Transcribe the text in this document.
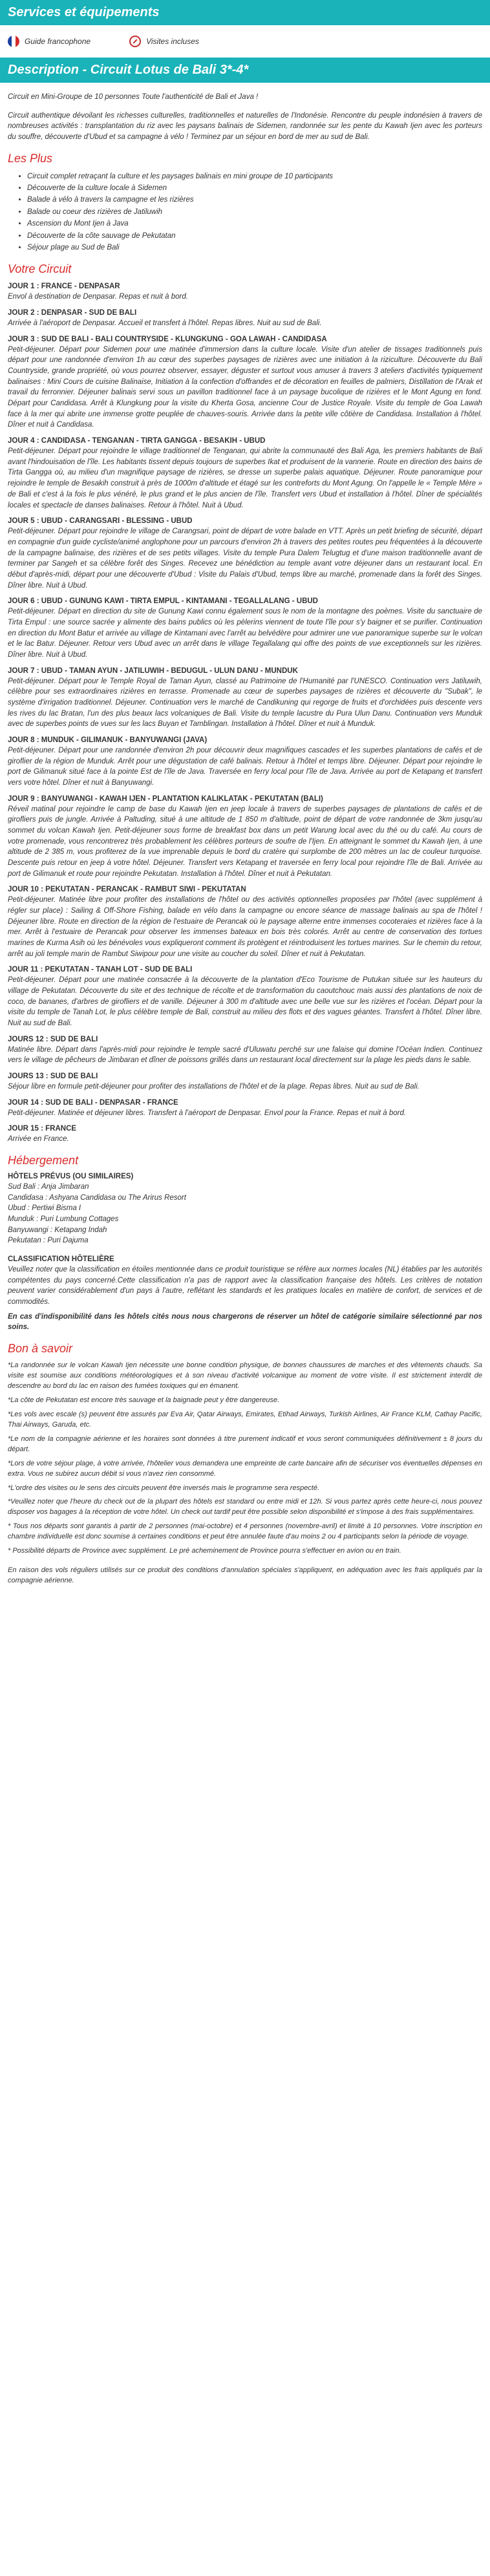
Services et équipements
Guide francophone	Visites incluses
Description - Circuit Lotus de Bali 3*-4*

Circuit en Mini-Groupe de 10 personnes Toute l'authenticité de Bali et Java !

Circuit authentique dévoilant les richesses culturelles, traditionnelles et naturelles de l'Indonésie. Rencontre du peuple indonésien à travers de nombreuses activités : transplantation du riz avec les paysans balinais de Sidemen, randonnée sur les pente du Kawah Ijen avec les porteurs du souffre, découverte d'Ubud et sa campagne à vélo ! Terminez par un séjour en bord de mer au sud de Bali.

Les Plus
• Circuit complet retraçant la culture et les paysages balinais en mini groupe de 10 participants
• Découverte de la culture locale à Sidemen
• Balade à vélo à travers la campagne et les rizières
• Balade ou coeur des rizières de Jatiluwih
• Ascension du Mont Ijen à Java
• Découverte de la côte sauvage de Pekutatan
• Séjour plage au Sud de Bali
Votre Circuit
JOUR 1 : FRANCE - DENPASAR

Envol à destination de Denpasar. Repas et nuit à bord.

JOUR 2 : DENPASAR - SUD DE BALI

Arrivée à l'aéroport de Denpasar. Accueil et transfert à l'hôtel. Repas libres. Nuit au sud de Bali.

JOUR 3 : SUD DE BALI - BALI COUNTRYSIDE - KLUNGKUNG - GOA LAWAH - CANDIDASA

Petit-déjeuner. Départ pour Sidemen pour une matinée d'immersion dans la culture locale. Visite d'un atelier de tissages traditionnels puis départ pour une randonnée d'environ 1h au cœur des superbes paysages de rizières avec une initiation à la riziculture. Découverte du Bali Countryside, grande propriété, où vous pourrez observer, essayer, déguster et surtout vous amuser à travers 3 ateliers d'activités typiquement balinaises : Mini Cours de cuisine Balinaise, Initiation à la confection d'offrandes et de décoration en feuilles de palmiers, Distillation de l'Arak et travail du ferronnier. Déjeuner balinais servi sous un pavillon traditionnel face à un paysage bucolique de rizières et le Mont Agung en fond. Départ pour Candidasa. Arrêt à Klungkung pour la visite du Kherta Gosa, ancienne Cour de Justice Royale. Visite du temple de Goa Lawah face à la mer qui abrite une immense grotte peuplée de chauves-souris. Arrivée dans la petite ville côtière de Candidasa. Installation à l'hôtel. Dîner et nuit à Candidasa.

JOUR 4 : CANDIDASA - TENGANAN - TIRTA GANGGA - BESAKIH - UBUD

Petit-déjeuner. Départ pour rejoindre le village traditionnel de Tenganan, qui abrite la communauté des Bali Aga, les premiers habitants de Bali avant l'hindouisation de l'île. Les habitants tissent depuis toujours de superbes Ikat et produisent de la vannerie. Route en direction des bains de Tirta Gangga où, au milieu d'un magnifique paysage de rizières, se dresse un superbe palais aquatique. Déjeuner. Route panoramique pour rejoindre le temple de Besakih construit à près de 1000m d'altitude et étagé sur les contreforts du Mont Agung. On l'appelle le « Temple Mère » de Bali et c'est à la fois le plus vénéré, le plus grand et le plus ancien de l'île. Transfert vers Ubud et installation à l'hôtel. Dîner de spécialités locales et spectacle de danses balinaises. Retour à l'hôtel. Nuit à Ubud.

JOUR 5 : UBUD - CARANGSARI - BLESSING - UBUD

Petit-déjeuner. Départ pour rejoindre le village de Carangsari, point de départ de votre balade en VTT. Après un petit briefing de sécurité, départ en compagnie d'un guide cycliste/animé anglophone pour un parcours d'environ 2h à travers des petites routes peu fréquentées à la découverte de la campagne balinaise, des rizières et de ses petits villages. Visite du temple Pura Dalem Telugtug et d'une maison traditionnelle avant de terminer par Sangeh et sa célèbre forêt des Singes. Recevez une bénédiction au temple avant votre déjeuner dans un restaurant local. En début d'après-midi, départ pour une découverte d'Ubud : Visite du Palais d'Ubud, temps libre au marché, promenade dans la forêt des Singes. Dîner libre. Nuit à Ubud.

JOUR 6 : UBUD - GUNUNG KAWI - TIRTA EMPUL - KINTAMANI - TEGALLALANG - UBUD

Petit-déjeuner. Départ en direction du site de Gunung Kawi connu également sous le nom de la montagne des poèmes. Visite du sanctuaire de Tirta Empul : une source sacrée y alimente des bains publics où les pèlerins viennent de toute l'île pour s'y baigner et se purifier. Continuation en direction du Mont Batur et arrivée au village de Kintamani avec l'arrêt au belvédère pour admirer une vue panoramique superbe sur le volcan et le lac Batur. Déjeuner. Retour vers Ubud avec un arrêt dans le village Tegallalang qui offre des points de vue exceptionnels sur les rizières. Dîner libre. Nuit à Ubud.

JOUR 7 : UBUD - TAMAN AYUN - JATILUWIH - BEDUGUL - ULUN DANU - MUNDUK

Petit-déjeuner. Départ pour le Temple Royal de Taman Ayun, classé au Patrimoine de l'Humanité par l'UNESCO. Continuation vers Jatiluwih, célèbre pour ses extraordinaires rizières en terrasse. Promenade au cœur de superbes paysages de rizières et découverte du "Subak", le système d'irrigation traditionnel. Déjeuner. Continuation vers le marché de Candikuning qui regorge de fruits et d'orchidées puis descente vers les rives du lac Bratan, l'un des plus beaux lacs volcaniques de Bali. Visite du temple lacustre du Pura Ulun Danu. Continuation vers Munduk avec de superbes points de vues sur les lacs Buyan et Tamblingan. Installation à l'hôtel. Dîner et nuit à Munduk.

JOUR 8 : MUNDUK - GILIMANUK - BANYUWANGI (JAVA)

Petit-déjeuner. Départ pour une randonnée d'environ 2h pour découvrir deux magnifiques cascades et les superbes plantations de cafés et de giroflier de la région de Munduk. Arrêt pour une dégustation de café balinais. Retour à l'hôtel et temps libre. Déjeuner. Départ pour rejoindre le port de Gilimanuk situé face à la pointe Est de l'île de Java. Traversée en ferry local pour l'île de Java. Arrivée au port de Ketapang et transfert vers votre hôtel. Dîner et nuit à Banyuwangi.

JOUR 9 : BANYUWANGI - KAWAH IJEN - PLANTATION KALIKLATAK - PEKUTATAN (BALI)

Réveil matinal pour rejoindre le camp de base du Kawah Ijen en jeep locale à travers de superbes paysages de plantations de cafés et de girofliers puis de jungle. Arrivée à Paltuding, situé à une altitude de 1 850 m d'altitude, point de départ de votre randonnée de 3km jusqu'au sommet du volcan Kawah Ijen. Petit-déjeuner sous forme de breakfast box dans un petit Warung local avec du thé ou du café. Au cours de votre promenade, vous rencontrerez très probablement les célèbres porteurs de soufre de l'Ijen. En atteignant le sommet du Kawah Ijen, à une altitude de 2 385 m, vous profiterez de la vue imprenable depuis le bord du cratère qui surplombe de 200 mètres un lac de couleur turquoise. Descente puis retour en jeep à votre hôtel. Déjeuner. Transfert vers Ketapang et traversée en ferry local pour rejoindre l'île de Bali. Arrivée au port de Gilimanuk et route pour rejoindre Pekutatan. Installation à l'hôtel. Dîner et nuit à Pekutatan.

JOUR 10 : PEKUTATAN - PERANCAK - RAMBUT SIWI - PEKUTATAN

Petit-déjeuner. Matinée libre pour profiter des installations de l'hôtel ou des activités optionnelles proposées par l'hôtel (avec supplément à régler sur place) : Sailing & Off-Shore Fishing, balade en vélo dans la campagne ou encore séance de massage balinais au spa de l'hôtel ! Déjeuner libre. Route en direction de la région de l'estuaire de Perancak où le paysage alterne entre immenses cocoteraies et rizières face à la mer. Arrêt à l'estuaire de Perancak pour observer les immenses bateaux en bois très colorés. Arrêt au centre de conservation des tortues marines de Kurma Asih où les bénévoles vous expliqueront comment ils protègent et réintroduisent les tortues marines. Sur le chemin du retour, arrêt au joli temple marin de Rambut Siwipour pour une visite au coucher du soleil. Dîner et nuit à Pekutatan.

JOUR 11 : PEKUTATAN - TANAH LOT - SUD DE BALI

Petit-déjeuner. Départ pour une matinée consacrée à la découverte de la plantation d'Eco Tourisme de Putukan située sur les hauteurs du village de Pekutatan. Découverte du site et des technique de récolte et de transformation du caoutchouc mais aussi des plantations de noix de coco, de bananes, d'arbres de girofliers et de vanille. Déjeuner à 300 m d'altitude avec une belle vue sur les rizières et l'océan. Départ pour la visite du temple de Tanah Lot, le plus célèbre temple de Bali, construit au milieu des flots et des vagues géantes. Transfert à l'hôtel. Dîner libre. Nuit au sud de Bali.

JOURS 12 : SUD DE BALI

Matinée libre. Départ dans l'après-midi pour rejoindre le temple sacré d'Uluwatu perché sur une falaise qui domine l'Océan Indien. Continuez vers le village de pêcheurs de Jimbaran et dîner de poissons grillés dans un restaurant local directement sur la plage les pieds dans le sable.

JOURS 13 : SUD DE BALI

Séjour libre en formule petit-déjeuner pour profiter des installations de l'hôtel et de la plage. Repas libres. Nuit au sud de Bali.

JOUR 14 : SUD DE BALI - DENPASAR - FRANCE

Petit-déjeuner. Matinée et déjeuner libres. Transfert à l'aéroport de Denpasar. Envol pour la France. Repas et nuit à bord.

JOUR 15 : FRANCE

Arrivée en France.

Hébergement
HÔTELS PRÉVUS (OU SIMILAIRES)

Sud Bali : Anja Jimbaran

Candidasa : Ashyana Candidasa ou The Arirus Resort

Ubud : Pertiwi Bisma I

Munduk : Puri Lumbung Cottages

Banyuwangi : Ketapang Indah

Pekutatan : Puri Dajuma

CLASSIFICATION HÔTELIÈRE

Veuillez noter que la classification en étoiles mentionnée dans ce produit touristique se réfère aux normes locales (NL) établies par les autorités compétentes du pays concerné.Cette classification n'a pas de rapport avec la classification française des hôtels. Les critères de notation peuvent varier considérablement d'un pays à l'autre, reflétant les standards et les pratiques locales en matière de confort, de services et de commodités.

En cas d'indisponibilité dans les hôtels cités nous nous chargerons de réserver un hôtel de catégorie similaire sélectionné par nos soins.

Bon à savoir

*La randonnée sur le volcan Kawah Ijen nécessite une bonne condition physique, de bonnes chaussures de marches et des vêtements chauds. Sa visite est soumise aux conditions météorologiques et à son niveau d'activité volcanique au moment de votre visite. Il est strictement interdit de descendre au bord du lac en raison des fumées toxiques qui en émanent.

*La côte de Pekutatan est encore très sauvage et la baignade peut y être dangereuse.

*Les vols avec escale (s) peuvent être assurés par Eva Air, Qatar Airways, Emirates, Etihad Airways, Turkish Airlines, Air France KLM, Cathay Pacific, Thai Airways, Garuda, etc.

*Le nom de la compagnie aérienne et les horaires sont données à titre purement indicatif et vous seront communiquées définitivement ± 8 jours du départ.

*Lors de votre séjour plage, à votre arrivée, l'hôtelier vous demandera une empreinte de carte bancaire afin de sécuriser vos éventuelles dépenses en extra. Vous ne subirez aucun débit si vous n'avez rien consommé.

*L'ordre des visites ou le sens des circuits peuvent être inversés mais le programme sera respecté.

*Veuillez noter que l'heure du check out de la plupart des hôtels est standard ou entre midi et 12h. Si vous partez après cette heure-ci, nous pouvez disposer vos bagages à la réception de votre hôtel. Un check out tardif peut être possible selon disponibilité et s'impose à des frais supplémentaires.

* Tous nos départs sont garantis à partir de 2 personnes (mai-octobre) et 4 personnes (novembre-avril) et limité à 10 personnes. Votre inscription en chambre individuelle est donc soumise à certaines conditions et peut être annulée faute d'au moins 2 ou 4 participants selon la période de voyage.

* Possibilité départs de Province avec supplément. Le pré acheminement de Province pourra s'effectuer en avion ou en train.

En raison des vols réguliers utilisés sur ce produit des conditions d'annulation spéciales s'appliquent, en adéquation avec les frais appliqués par la compagnie aérienne.
